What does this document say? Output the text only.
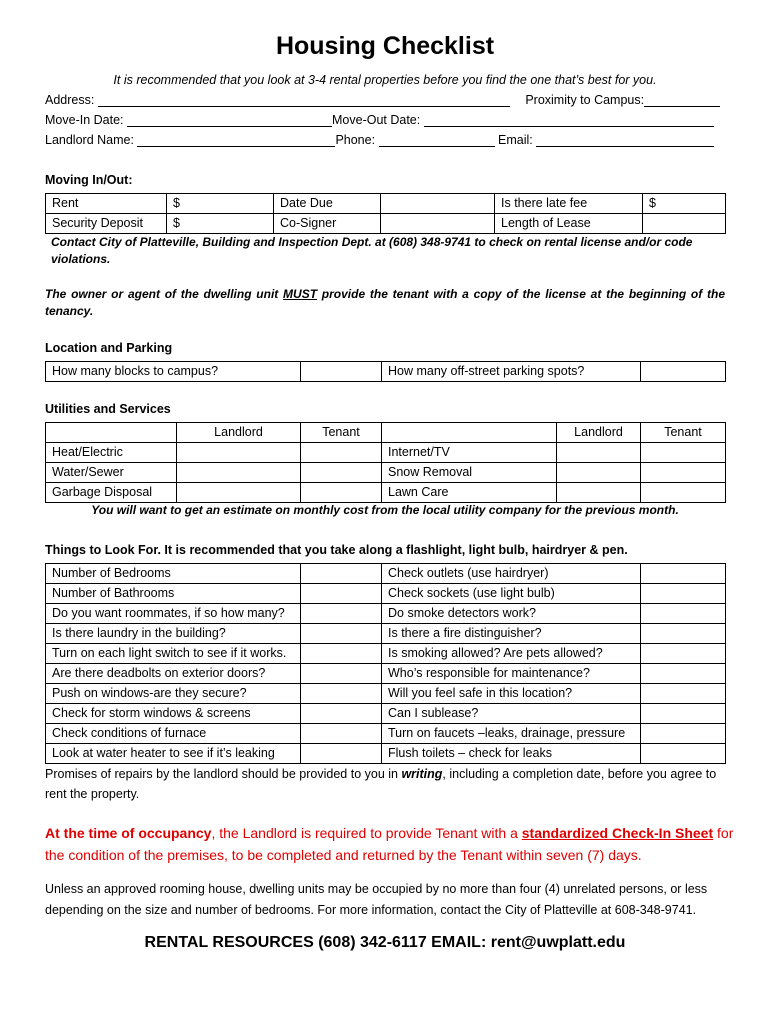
Housing Checklist
It is recommended that you look at 3-4 rental properties before you find the one that’s best for you.
Address:	Proximity to Campus:
Move-In Date:	Move-Out Date:
Landlord Name:	Phone:	Email:
Moving In/Out:
Rent	$	Date Due		Is there late fee	$
Security Deposit	$	Co-Signer		Length of Lease	
Contact City of Platteville, Building and Inspection Dept. at (608) 348-9741 to check on rental license and/or code violations.
The owner or agent of the dwelling unit MUST provide the tenant with a copy of the license at the beginning of the tenancy.
Location and Parking
How many blocks to campus?		How many off-street parking spots?	
Utilities and Services
	Landlord	Tenant		Landlord	Tenant
Heat/Electric			Internet/TV		
Water/Sewer			Snow Removal		
Garbage Disposal			Lawn Care		
You will want to get an estimate on monthly cost from the local utility company for the previous month.
Things to Look For. It is recommended that you take along a flashlight, light bulb, hairdryer & pen.
Number of Bedrooms		Check outlets (use hairdryer)	
Number of Bathrooms		Check sockets (use light bulb)	
Do you want roommates, if so how many?		Do smoke detectors work?	
Is there laundry in the building?		Is there a fire distinguisher?	
Turn on each light switch to see if it works.		Is smoking allowed? Are pets allowed?	
Are there deadbolts on exterior doors?		Who’s responsible for maintenance?	
Push on windows-are they secure?		Will you feel safe in this location?	
Check for storm windows & screens		Can I sublease?	
Check conditions of furnace		Turn on faucets –leaks, drainage, pressure	
Look at water heater to see if it’s leaking		Flush toilets – check for leaks	
Promises of repairs by the landlord should be provided to you in writing, including a completion date, before you agree to rent the property.
At the time of occupancy, the Landlord is required to provide Tenant with a standardized Check-In Sheet for the condition of the premises, to be completed and returned by the Tenant within seven (7) days.
Unless an approved rooming house, dwelling units may be occupied by no more than four (4) unrelated persons, or less depending on the size and number of bedrooms. For more information, contact the City of Platteville at 608-348-9741.
RENTAL RESOURCES (608) 342-6117 EMAIL: rent@uwplatt.edu
